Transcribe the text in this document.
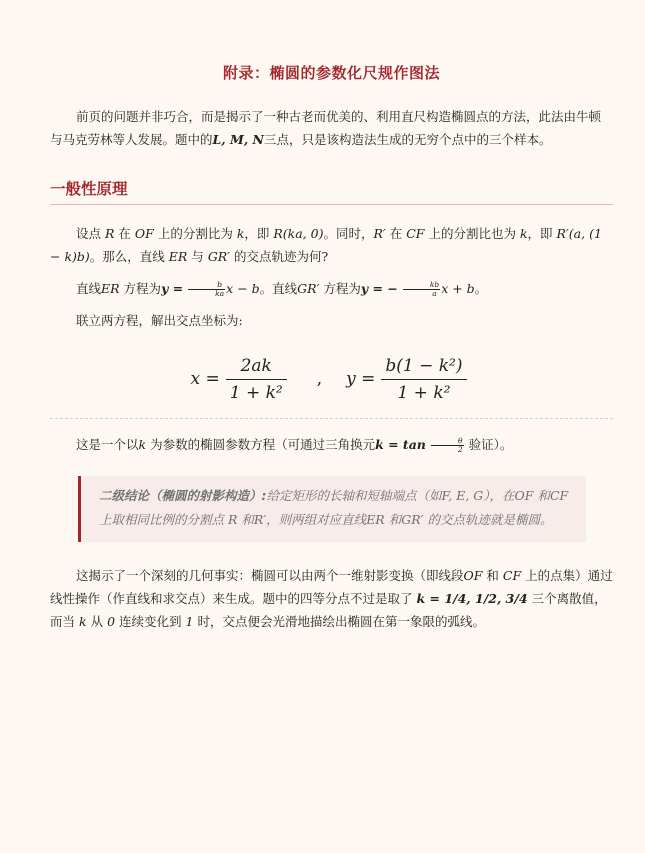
附录：椭圆的参数化尺规作图法

前页的问题并非巧合，而是揭示了一种古老而优美的、利用直尺构造椭圆点的方法，此法由牛顿与马克劳林等人发展。题中的L, M, N三点，只是该构造法生成的无穷个点中的三个样本。

一般性原理

设点 R 在 OF 上的分割比为 k，即 R(ka, 0)。同时，R′ 在 CF 上的分割比也为 k，即 R′(a, (1 − k)b)。那么，直线 ER 与 GR′ 的交点轨迹为何?

直线ER 方程为$y = \frac{b}{ka}$ x − b。直线GR′ 方程为y = − $\frac{kb}{a}$ x + b。

联立两方程，解出交点坐标为:

$x = \frac{2ak}{\text{1 + k²}}$ , $y = \frac{\text{b(1 − k²)}}{\text{1 + k²}}$

这是一个以k 为参数的椭圆参数方程（可通过三角换元$k = \tan \frac{\theta}{2}$ 验证）。

二级结论（椭圆的射影构造）:给定矩形的长轴和短轴端点（如F, E, G），在OF 和CF 上取相同比例的分割点 R 和R′，则两组对应直线ER 和GR′ 的交点轨迹就是椭圆。

这揭示了一个深刻的几何事实：椭圆可以由两个一维射影变换（即线段OF 和 CF 上的点集）通过线性操作（作直线和求交点）来生成。题中的四等分点不过是取了 k = 1/4, 1/2, 3/4 三个离散值，而当 k 从 0 连续变化到 1 时，交点便会光滑地描绘出椭圆在第一象限的弧线。
